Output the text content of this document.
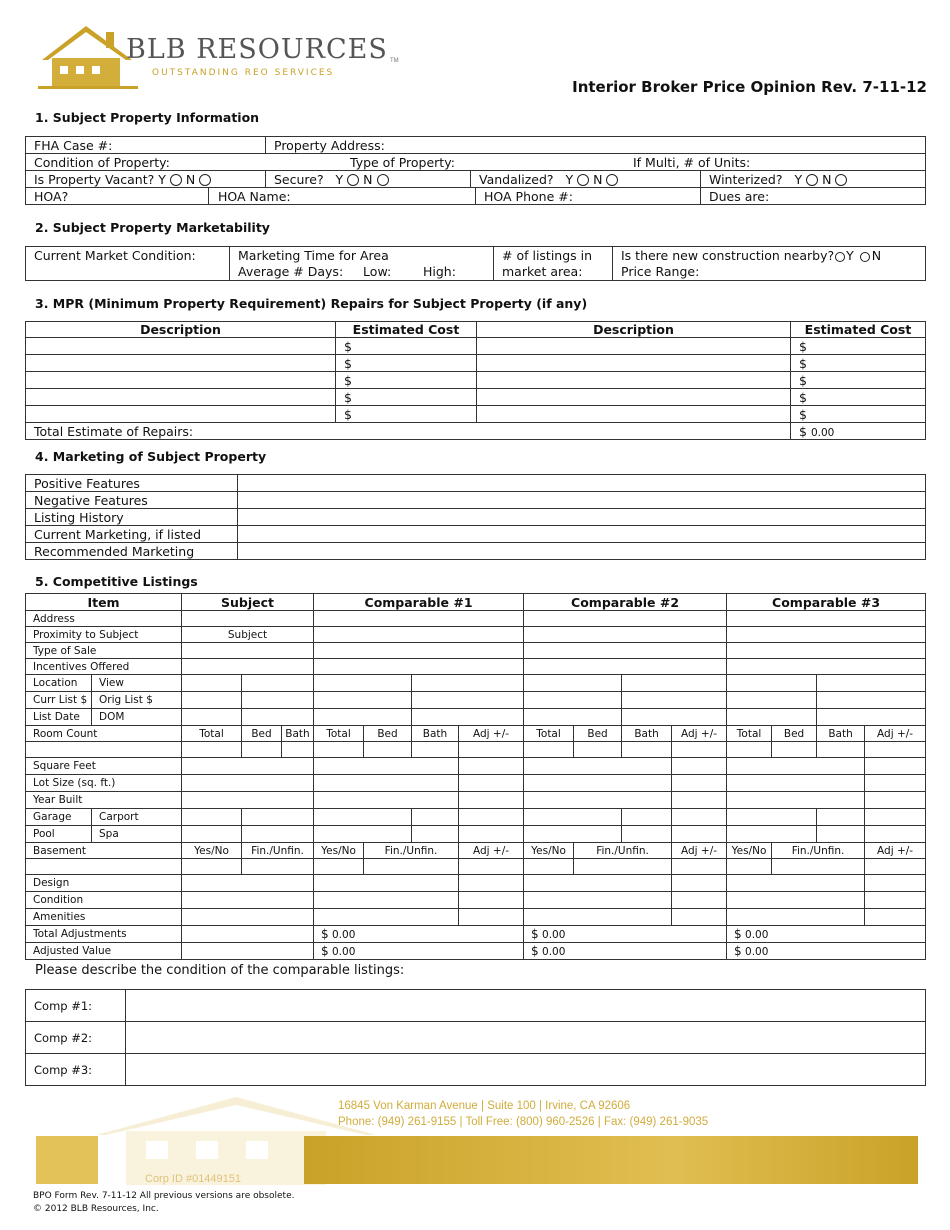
BLB RESOURCES TM
OUTSTANDING REO SERVICES
Interior Broker Price Opinion Rev. 7-11-12
1. Subject Property Information
FHA Case #:	Property Address:		
Condition of Property: Type of Property: If Multi, # of Units:			

Is Property Vacant? Y N	Secure? Y N	Vandalized? Y N	Winterized? Y N

HOA? HOA Name: HOA Phone #: Dues are:			
2. Subject Property Marketability
Current Market Condition:	Marketing Time for Area
Average # Days: Low:	High:

# of listings in
market area:

Is there new construction nearby? Y N
Price Range:
3. MPR (Minimum Property Requirement) Repairs for Subject Property (if any)
Description	Estimated Cost	Description	Estimated Cost
	$		$
	$		$
	$		$
	$		$
	$		$
Total Estimate of Repairs:			$ 0.00
4. Marketing of Subject Property
Positive Features	
Negative Features	
Listing History	
Current Marketing, if listed	
Recommended Marketing	
5. Competitive Listings
Item		Subject			Comparable #1				Comparable #2				Comparable #3			
Address																
Proximity to Subject		Subject														
Type of Sale																
Incentives Offered																
Location	View															
Curr List $	Orig List $															
List Date	DOM															
Room Count		Total	Bed	Bath	Total	Bed	Bath	Adj +/-	Total	Bed	Bath	Adj +/-	Total	Bed	Bath	Adj +/-

Square Feet																
Lot Size (sq. ft.)																
Year Built																
Garage	Carport															
Pool	Spa															
Basement		Yes/No	Fin./Unfin.		Yes/No	Fin./Unfin.		Adj +/-	Yes/No	Fin./Unfin.		Adj +/-	Yes/No	Fin./Unfin.		Adj +/-

Design																
Condition																
Amenities																
Total Adjustments					$ 0.00				$ 0.00				$ 0.00			
Adjusted Value					$ 0.00				$ 0.00				$ 0.00			
Please describe the condition of the comparable listings:
Comp #1:	
Comp #2:	
Comp #3:	
16845 Von Karman Avenue | Suite 100 | Irvine, CA 92606
Phone: (949) 261-9155 | Toll Free: (800) 960-2526 | Fax: (949) 261-9035
Corp ID #01449151
BPO Form Rev. 7-11-12 All previous versions are obsolete.
© 2012 BLB Resources, Inc.
